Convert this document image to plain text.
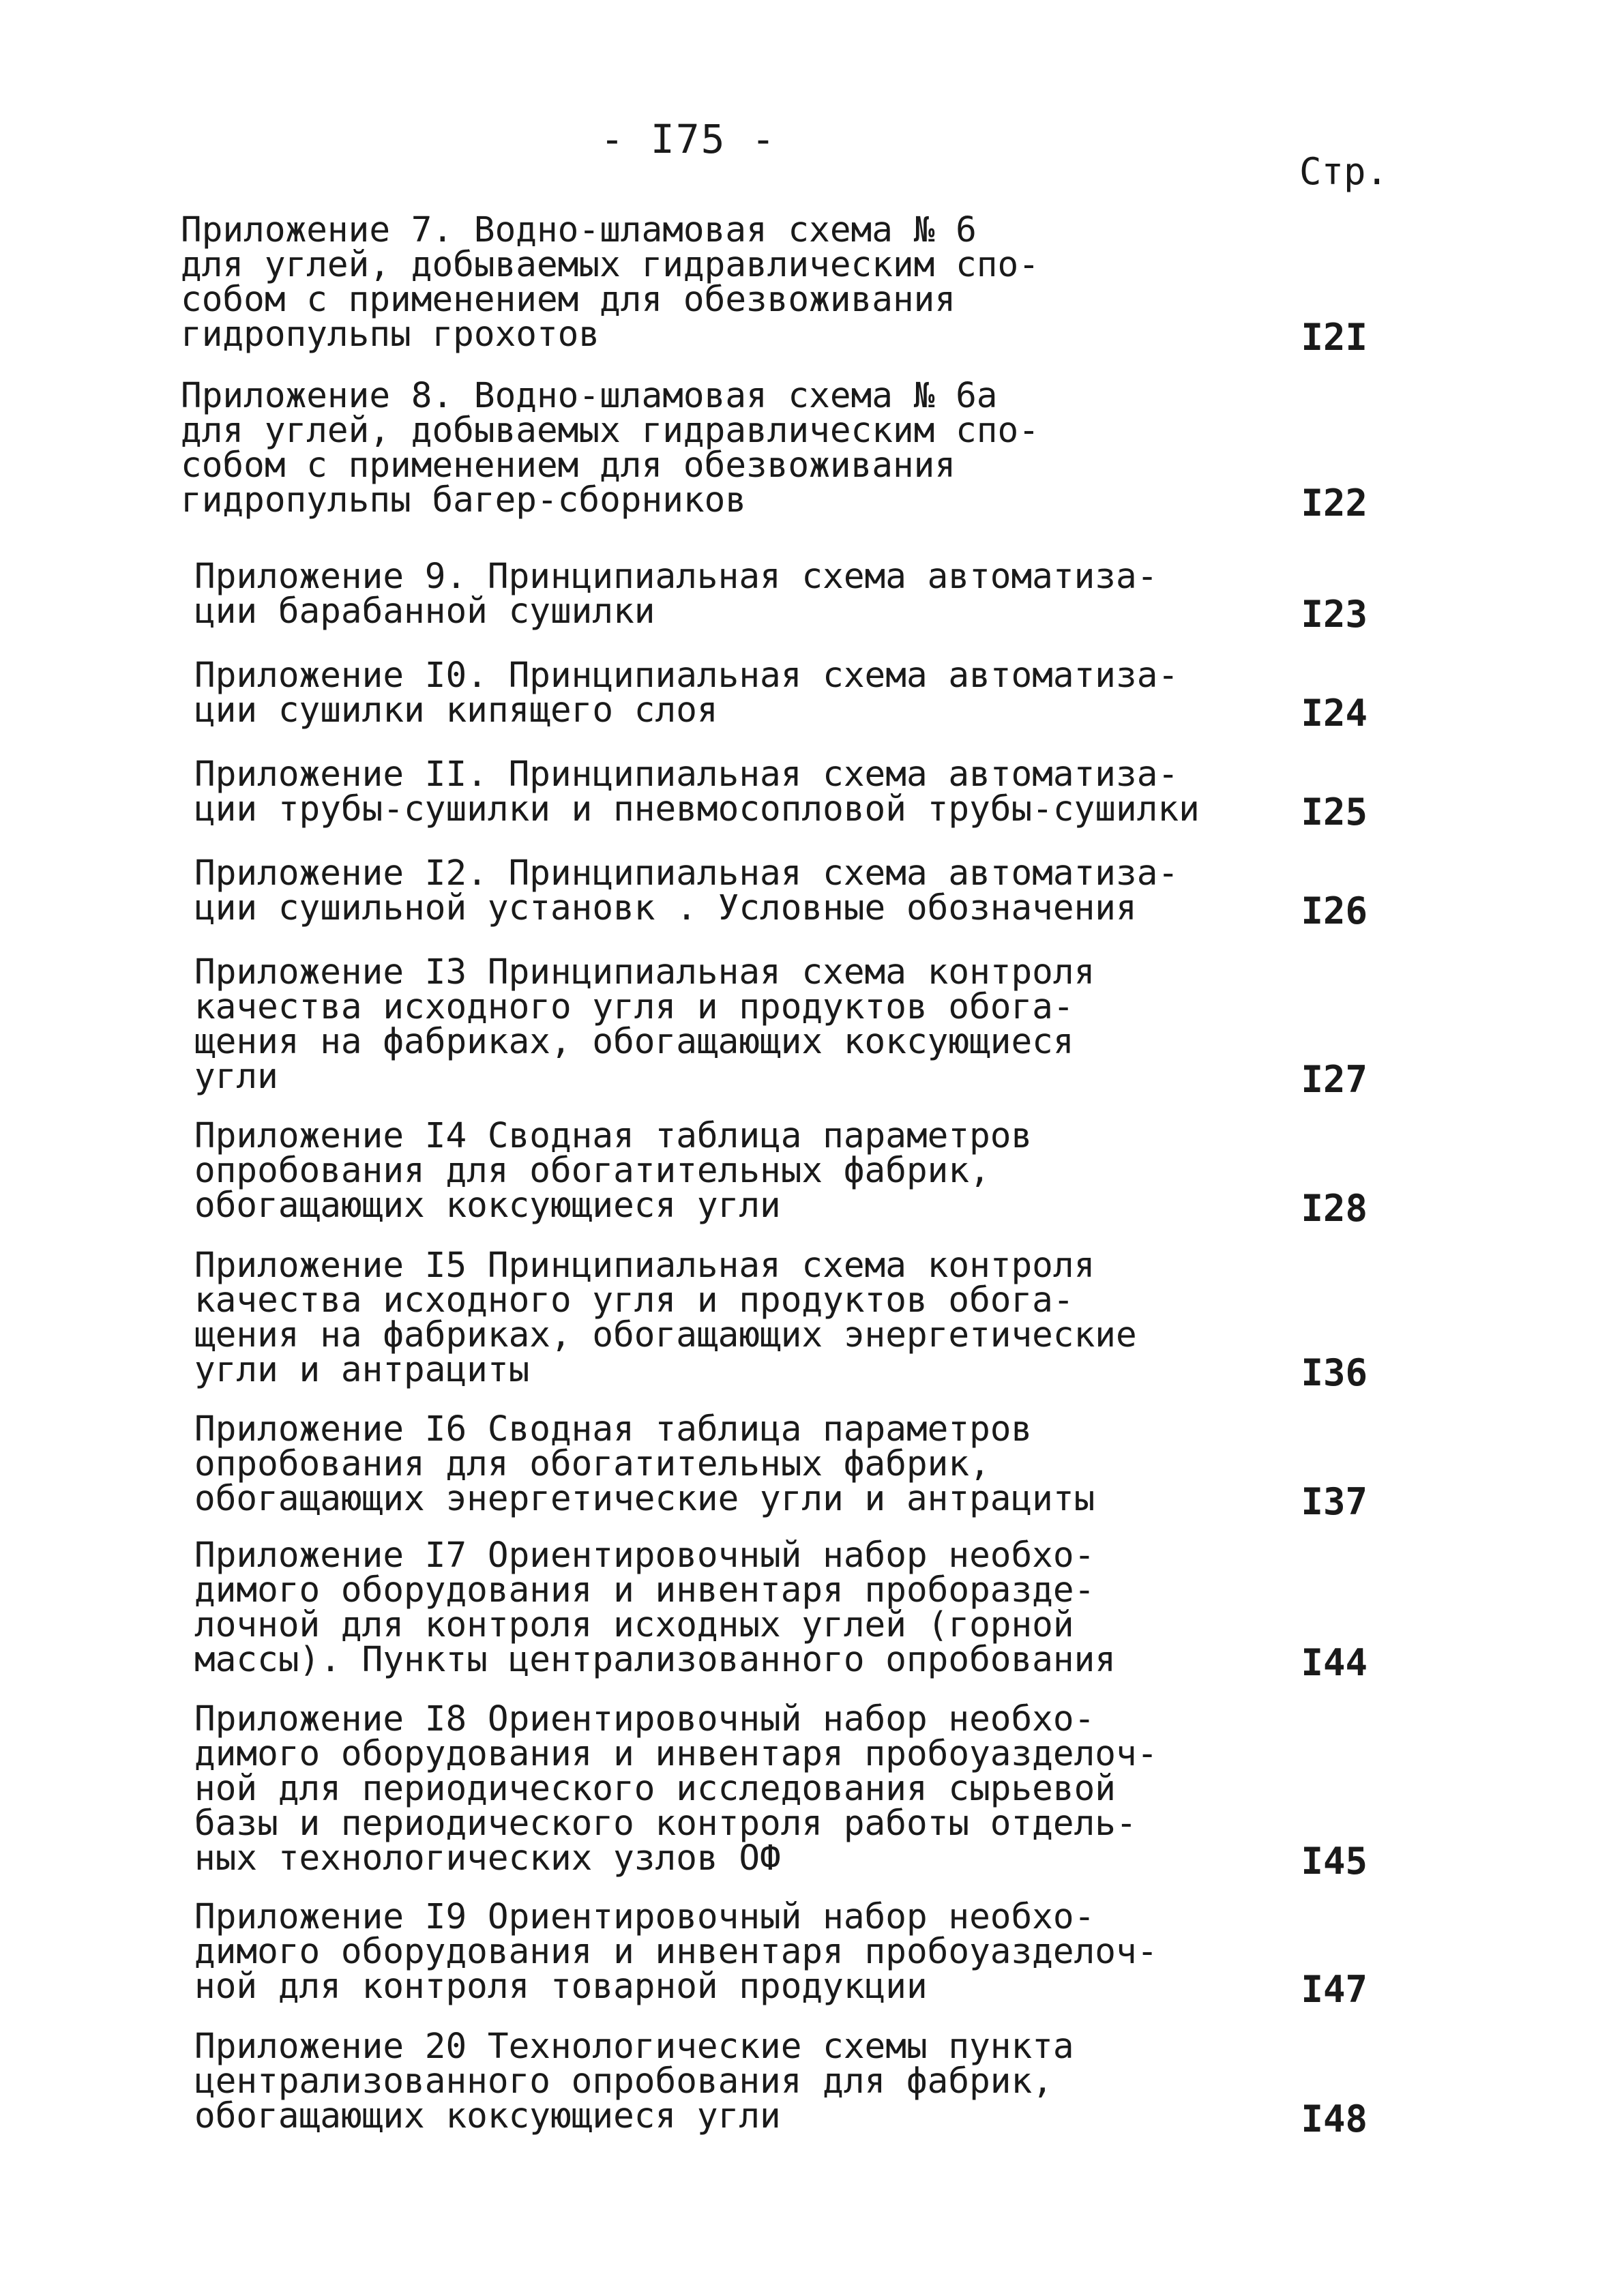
- I75 -
Стр.
Приложение 7. Водно-шламовая схема № 6
для углей, добываемых гидравлическим спо-
собом с применением для обезвоживания
гидропульпы грохотов	I2I
Приложение 8. Водно-шламовая схема № 6а
для углей, добываемых гидравлическим спо-
собом с применением для обезвоживания
гидропульпы багер-сборников	I22
Приложение 9. Принципиальная схема автоматиза-
ции барабанной сушилки	I23
Приложение I0. Принципиальная схема автоматиза-
ции сушилки кипящего слоя	I24
Приложение II. Принципиальная схема автоматиза-
ции трубы-сушилки и пневмосопловой трубы-сушилки	I25
Приложение I2. Принципиальная схема автоматиза-
ции сушильной установк . Условные обозначения	I26
Приложение I3 Принципиальная схема контроля
качества исходного угля и продуктов обога-
щения на фабриках, обогащающих коксующиеся
угли	I27
Приложение I4 Сводная таблица параметров
опробования для обогатительных фабрик,
обогащающих коксующиеся угли	I28
Приложение I5 Принципиальная схема контроля
качества исходного угля и продуктов обога-
щения на фабриках, обогащающих энергетические
угли и антрациты	I36
Приложение I6 Сводная таблица параметров
опробования для обогатительных фабрик,
обогащающих энергетические угли и антрациты	I37
Приложение I7 Ориентировочный набор необхо-
димого оборудования и инвентаря проборазде-
лочной для контроля исходных углей (горной
массы). Пункты централизованного опробования	I44
Приложение I8 Ориентировочный набор необхо-
димого оборудования и инвентаря пробоуазделоч-
ной для периодического исследования сырьевой
базы и периодического контроля работы отдель-
ных технологических узлов ОФ	I45
Приложение I9 Ориентировочный набор необхо-
димого оборудования и инвентаря пробоуазделоч-
ной для контроля товарной продукции	I47
Приложение 20 Технологические схемы пункта
централизованного опробования для фабрик,
обогащающих коксующиеся угли	I48
